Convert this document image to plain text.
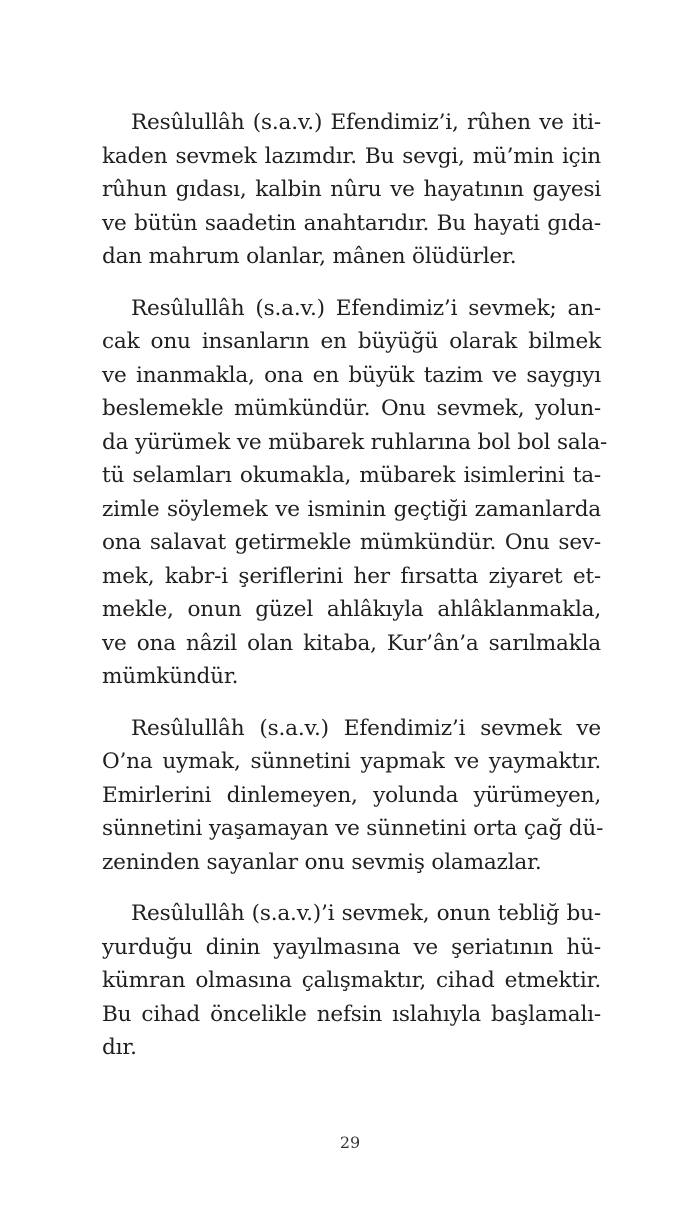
Resûlullâh (s.a.v.) Efendimiz’i, rûhen ve iti-
kaden sevmek lazımdır. Bu sevgi, mü’min için
rûhun gıdası, kalbin nûru ve hayatının gayesi
ve bütün saadetin anahtarıdır. Bu hayati gıda-
dan mahrum olanlar, mânen ölüdürler.

Resûlullâh (s.a.v.) Efendimiz’i sevmek; an-
cak onu insanların en büyüğü olarak bilmek
ve inanmakla, ona en büyük tazim ve saygıyı
beslemekle mümkündür. Onu sevmek, yolun-
da yürümek ve mübarek ruhlarına bol bol sala-
tü selamları okumakla, mübarek isimlerini ta-
zimle söylemek ve isminin geçtiği zamanlarda
ona salavat getirmekle mümkündür. Onu sev-
mek, kabr-i şeriflerini her fırsatta ziyaret et-
mekle, onun güzel ahlâkıyla ahlâklanmakla,
ve ona nâzil olan kitaba, Kur’ân’a sarılmakla
mümkündür.

Resûlullâh (s.a.v.) Efendimiz’i sevmek ve
O’na uymak, sünnetini yapmak ve yaymaktır.
Emirlerini dinlemeyen, yolunda yürümeyen,
sünnetini yaşamayan ve sünnetini orta çağ dü-
zeninden sayanlar onu sevmiş olamazlar.

Resûlullâh (s.a.v.)’i sevmek, onun tebliğ bu-
yurduğu dinin yayılmasına ve şeriatının hü-
kümran olmasına çalışmaktır, cihad etmektir.
Bu cihad öncelikle nefsin ıslahıyla başlamalı-
dır.

29
